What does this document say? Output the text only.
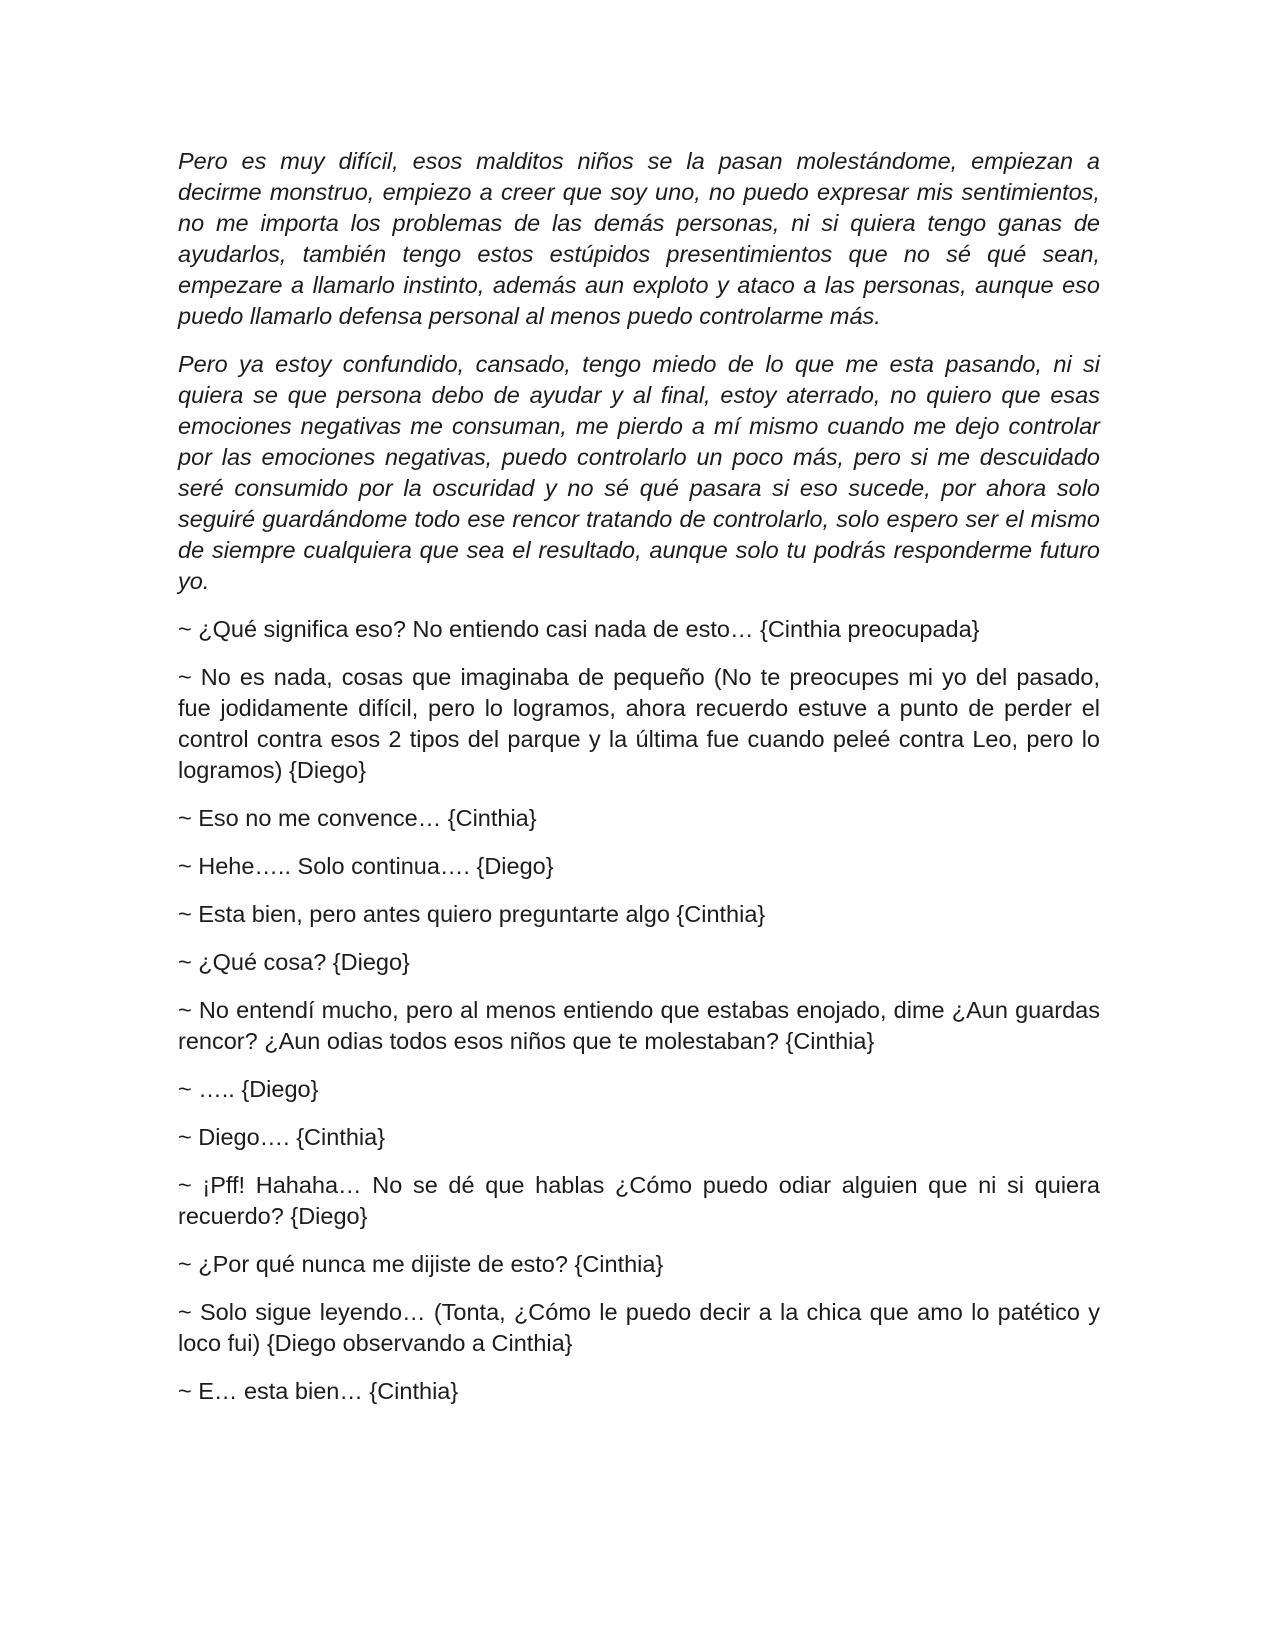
Pero es muy difícil, esos malditos niños se la pasan molestándome, empiezan a decirme monstruo, empiezo a creer que soy uno, no puedo expresar mis sentimientos, no me importa los problemas de las demás personas, ni si quiera tengo ganas de ayudarlos, también tengo estos estúpidos presentimientos que no sé qué sean, empezare a llamarlo instinto, además aun exploto y ataco a las personas, aunque eso puedo llamarlo defensa personal al menos puedo controlarme más.

Pero ya estoy confundido, cansado, tengo miedo de lo que me esta pasando, ni si quiera se que persona debo de ayudar y al final, estoy aterrado, no quiero que esas emociones negativas me consuman, me pierdo a mí mismo cuando me dejo controlar por las emociones negativas, puedo controlarlo un poco más, pero si me descuidado seré consumido por la oscuridad y no sé qué pasara si eso sucede, por ahora solo seguiré guardándome todo ese rencor tratando de controlarlo, solo espero ser el mismo de siempre cualquiera que sea el resultado, aunque solo tu podrás responderme futuro yo.

~ ¿Qué significa eso? No entiendo casi nada de esto… {Cinthia preocupada}

~ No es nada, cosas que imaginaba de pequeño (No te preocupes mi yo del pasado, fue jodidamente difícil, pero lo logramos, ahora recuerdo estuve a punto de perder el control contra esos 2 tipos del parque y la última fue cuando peleé contra Leo, pero lo logramos) {Diego}

~ Eso no me convence… {Cinthia}

~ Hehe….. Solo continua…. {Diego}

~ Esta bien, pero antes quiero preguntarte algo {Cinthia}

~ ¿Qué cosa? {Diego}

~ No entendí mucho, pero al menos entiendo que estabas enojado, dime ¿Aun guardas rencor? ¿Aun odias todos esos niños que te molestaban? {Cinthia}

~ ….. {Diego}

~ Diego…. {Cinthia}

~ ¡Pff! Hahaha… No se dé que hablas ¿Cómo puedo odiar alguien que ni si quiera recuerdo? {Diego}

~ ¿Por qué nunca me dijiste de esto? {Cinthia}

~ Solo sigue leyendo… (Tonta, ¿Cómo le puedo decir a la chica que amo lo patético y loco fui) {Diego observando a Cinthia}

~ E… esta bien… {Cinthia}
